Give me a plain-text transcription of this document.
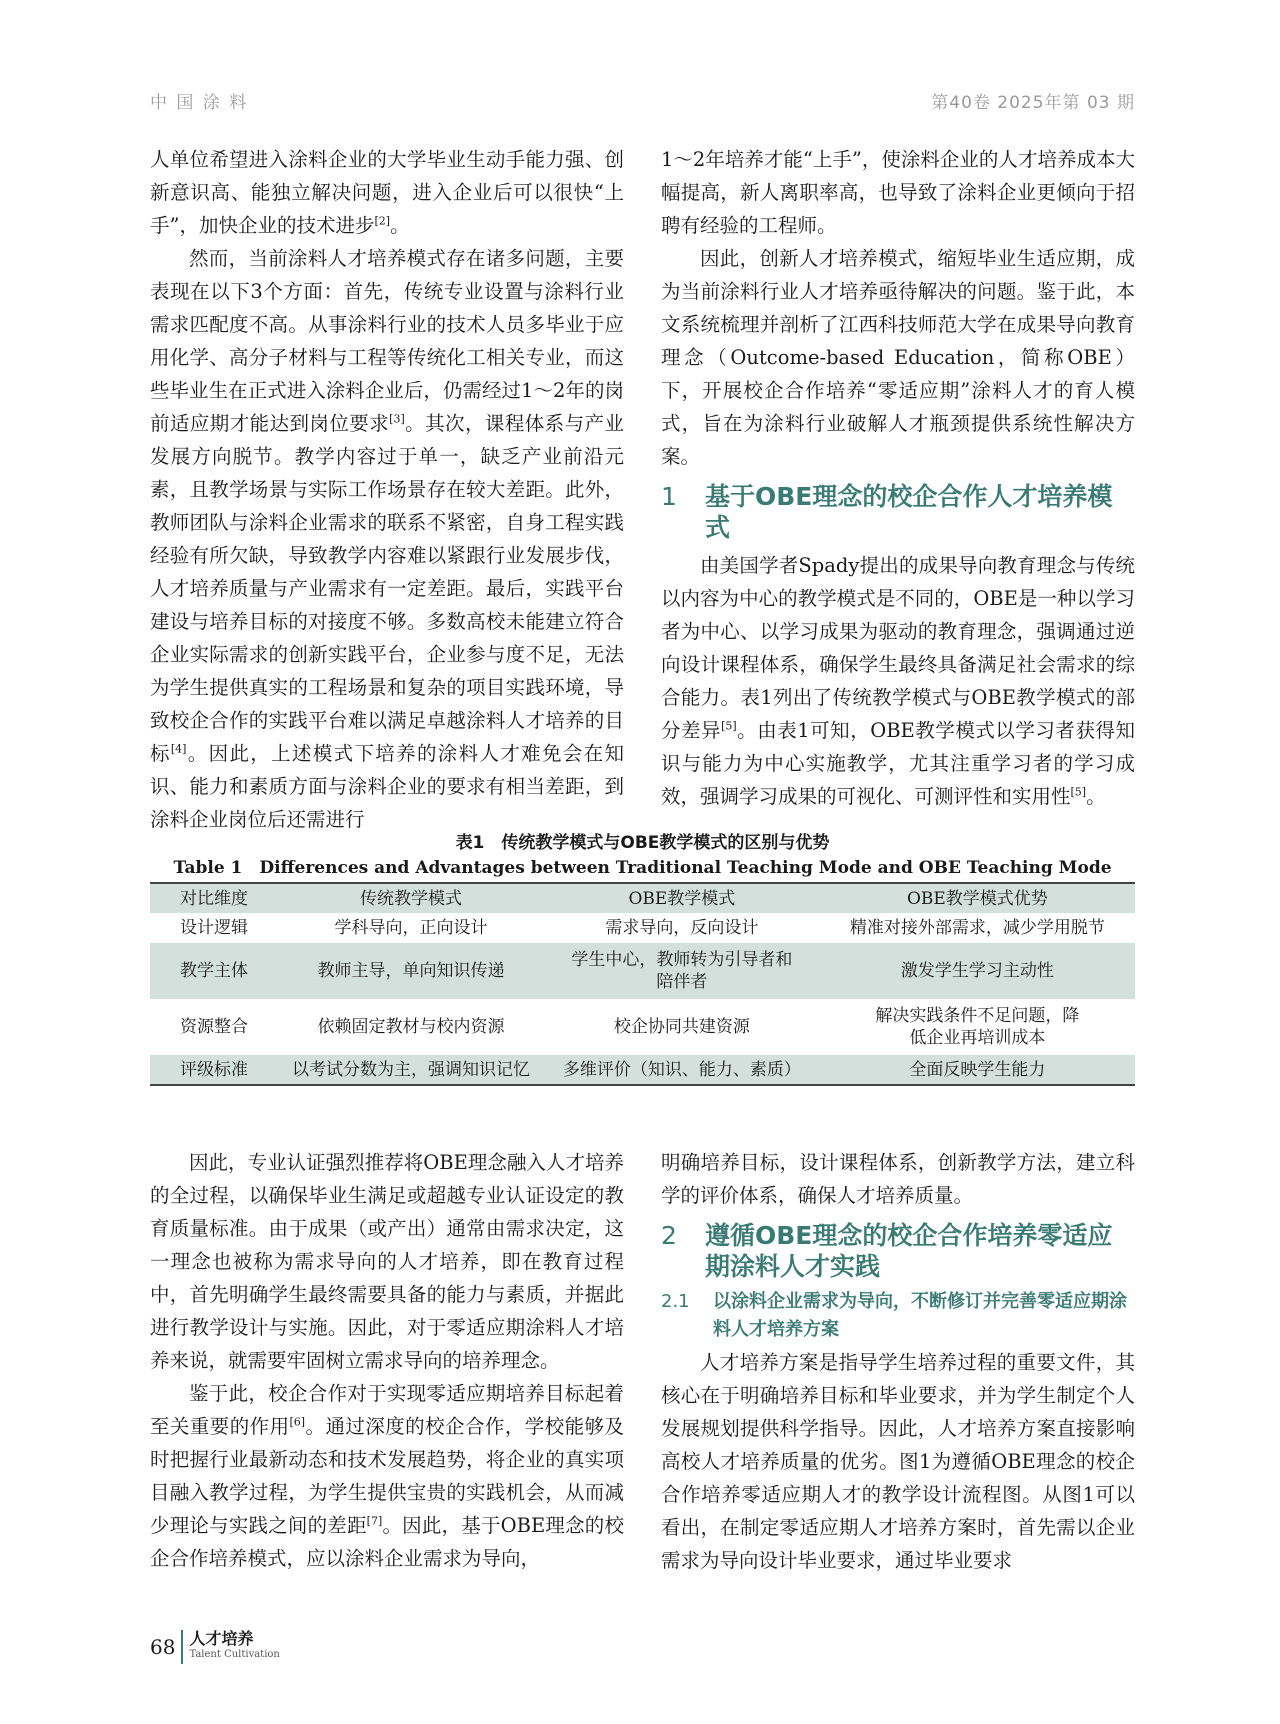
中 国 涂 料	第40卷 2025年第 03 期

人单位希望进入涂料企业的大学毕业生动手能力强、创新意识高、能独立解决问题，进入企业后可以很快“上手”，加快企业的技术进步[2]。

然而，当前涂料人才培养模式存在诸多问题，主要表现在以下3个方面：首先，传统专业设置与涂料行业需求匹配度不高。从事涂料行业的技术人员多毕业于应用化学、高分子材料与工程等传统化工相关专业，而这些毕业生在正式进入涂料企业后，仍需经过1～2年的岗前适应期才能达到岗位要求[3]。其次，课程体系与产业发展方向脱节。教学内容过于单一，缺乏产业前沿元素，且教学场景与实际工作场景存在较大差距。此外，教师团队与涂料企业需求的联系不紧密，自身工程实践经验有所欠缺，导致教学内容难以紧跟行业发展步伐，人才培养质量与产业需求有一定差距。最后，实践平台建设与培养目标的对接度不够。多数高校未能建立符合企业实际需求的创新实践平台，企业参与度不足，无法为学生提供真实的工程场景和复杂的项目实践环境，导致校企合作的实践平台难以满足卓越涂料人才培养的目标[4]。因此，上述模式下培养的涂料人才难免会在知识、能力和素质方面与涂料企业的要求有相当差距，到涂料企业岗位后还需进行

1～2年培养才能“上手”，使涂料企业的人才培养成本大幅提高，新人离职率高，也导致了涂料企业更倾向于招聘有经验的工程师。

因此，创新人才培养模式，缩短毕业生适应期，成为当前涂料行业人才培养亟待解决的问题。鉴于此，本文系统梳理并剖析了江西科技师范大学在成果导向教育理念（Outcome-based Education，简称OBE）下，开展校企合作培养“零适应期”涂料人才的育人模式，旨在为涂料行业破解人才瓶颈提供系统性解决方案。

1	基于OBE理念的校企合作人才培养模式

由美国学者Spady提出的成果导向教育理念与传统以内容为中心的教学模式是不同的，OBE是一种以学习者为中心、以学习成果为驱动的教育理念，强调通过逆向设计课程体系，确保学生最终具备满足社会需求的综合能力。表1列出了传统教学模式与OBE教学模式的部分差异[5]。由表1可知，OBE教学模式以学习者获得知识与能力为中心实施教学，尤其注重学习者的学习成效，强调学习成果的可视化、可测评性和实用性[5]。

表1　传统教学模式与OBE教学模式的区别与优势
Table 1　Differences and Advantages between Traditional Teaching Mode and OBE Teaching Mode
对比维度	传统教学模式	OBE教学模式	OBE教学模式优势
设计逻辑	学科导向，正向设计	需求导向，反向设计	精准对接外部需求，减少学用脱节
教学主体	教师主导，单向知识传递	学生中心，教师转为引导者和陪伴者	激发学生学习主动性
资源整合	依赖固定教材与校内资源	校企协同共建资源	解决实践条件不足问题，降低企业再培训成本
评级标准	以考试分数为主，强调知识记忆	多维评价（知识、能力、素质）	全面反映学生能力

因此，专业认证强烈推荐将OBE理念融入人才培养的全过程，以确保毕业生满足或超越专业认证设定的教育质量标准。由于成果（或产出）通常由需求决定，这一理念也被称为需求导向的人才培养，即在教育过程中，首先明确学生最终需要具备的能力与素质，并据此进行教学设计与实施。因此，对于零适应期涂料人才培养来说，就需要牢固树立需求导向的培养理念。

鉴于此，校企合作对于实现零适应期培养目标起着至关重要的作用[6]。通过深度的校企合作，学校能够及时把握行业最新动态和技术发展趋势，将企业的真实项目融入教学过程，为学生提供宝贵的实践机会，从而减少理论与实践之间的差距[7]。因此，基于OBE理念的校企合作培养模式，应以涂料企业需求为导向，

明确培养目标，设计课程体系，创新教学方法，建立科学的评价体系，确保人才培养质量。

2	遵循OBE理念的校企合作培养零适应期涂料人才实践
2.1	以涂料企业需求为导向，不断修订并完善零适应期涂料人才培养方案

人才培养方案是指导学生培养过程的重要文件，其核心在于明确培养目标和毕业要求，并为学生制定个人发展规划提供科学指导。因此，人才培养方案直接影响高校人才培养质量的优劣。图1为遵循OBE理念的校企合作培养零适应期人才的教学设计流程图。从图1可以看出，在制定零适应期人才培养方案时，首先需以企业需求为导向设计毕业要求，通过毕业要求

68 人才培养
Talent Cultivation
